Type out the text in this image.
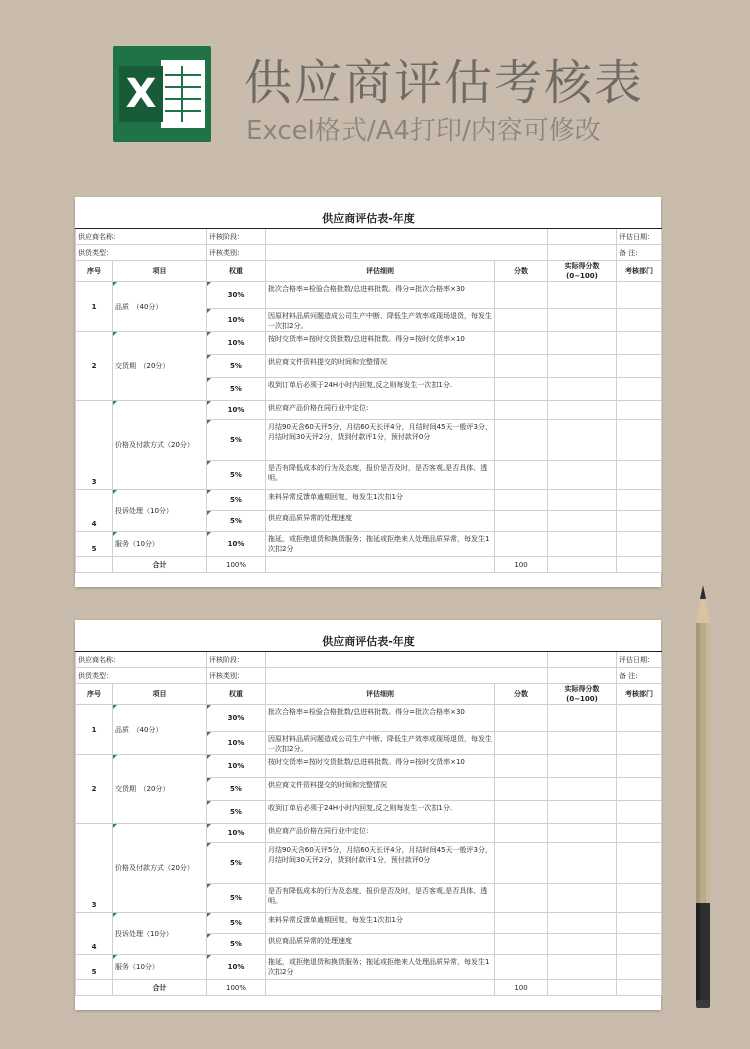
X 供应商评估考核表
Excel格式/A4打印/内容可修改
供应商评估表-年度						
供应商名称:		评核阶段：				评估日期：
供货类型：		评核类别：				备 注:
序号	项目	权重	评估细则	分数	实际得分数(0~100)	考核部门
1	品质　（40分）	30%	批次合格率=检验合格批数/总进料批数。得分=批次合格率×30			
		10%	因原材料品质问题造成公司生产中断、降低生产效率或现场退货，每发生一次扣2分。			
2	交货期　（20分）	10%	按时交货率=按时交货批数/总进料批数。得分=按时交货率×10			
		5%	供应商文件资料提交的时间和完整情况			
		5%	收到订单后必须于24H小时内回复,反之则每发生一次扣1分.			
3	价格及付款方式（20分）	10%	供应商产品价格在同行业中定位:			
		5%	月结90天含60天评5分，月结60天长评4分，月结时间45天一般评3分，月结时间30天评2分，货到付款评1分，预付款评0分			
		5%	是否有降低成本的行为及态度，报价是否及时，是否客观,是否具体、透明。			
4	投诉处理（10分）	5%	来料异常反馈单逾期回复，每发生1次扣1分			
		5%	供应商品质异常的处理速度			
5	服务（10分）	10%	拖延，或拒绝退货和换货服务；拖延或拒绝来人处理品质异常，每发生1次扣2分			
	合计	100%		100		
供应商评估表-年度						
供应商名称:		评核阶段：				评估日期：
供货类型：		评核类别：				备 注:
序号	项目	权重	评估细则	分数	实际得分数(0~100)	考核部门
1	品质　（40分）	30%	批次合格率=检验合格批数/总进料批数。得分=批次合格率×30			
		10%	因原材料品质问题造成公司生产中断、降低生产效率或现场退货，每发生一次扣2分。			
2	交货期　（20分）	10%	按时交货率=按时交货批数/总进料批数。得分=按时交货率×10			
		5%	供应商文件资料提交的时间和完整情况			
		5%	收到订单后必须于24H小时内回复,反之则每发生一次扣1分.			
3	价格及付款方式（20分）	10%	供应商产品价格在同行业中定位:			
		5%	月结90天含60天评5分，月结60天长评4分，月结时间45天一般评3分，月结时间30天评2分，货到付款评1分，预付款评0分			
		5%	是否有降低成本的行为及态度，报价是否及时，是否客观,是否具体、透明。			
4	投诉处理（10分）	5%	来料异常反馈单逾期回复，每发生1次扣1分			
		5%	供应商品质异常的处理速度			
5	服务（10分）	10%	拖延，或拒绝退货和换货服务；拖延或拒绝来人处理品质异常，每发生1次扣2分			
	合计	100%		100		
